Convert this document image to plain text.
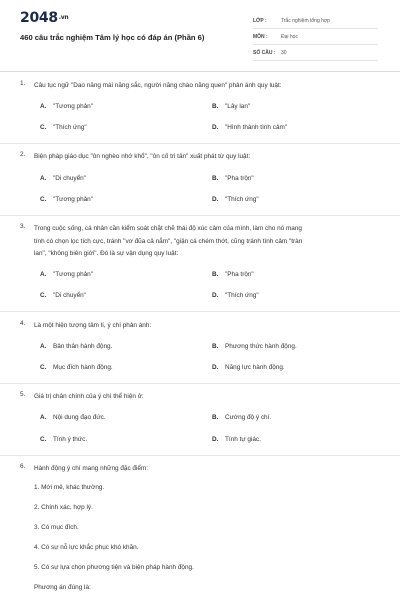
$2048^{.vn}$
460 câu trắc nghiệm Tâm lý học có đáp án (Phần 6)
LỚP :	Trắc nghiệm tổng hợp
MÔN :	Đại học
SỐ CÂU :	30
1. Câu tục ngữ "Dao năng mài năng sắc, người năng chào năng quen" phản ánh quy luật:
A. "Tương phản"	B. "Lây lan"
C. "Thích ứng"	D. "Hình thành tình cảm"
2. Biện pháp giáo dục "ôn nghèo nhớ khổ", "ôn cố tri tân" xuất phát từ quy luật:
A. "Di chuyển"	B. "Pha trộn"
C. "Tương phản"	D. "Thích ứng"
3. Trong cuộc sống, cá nhân cần kiểm soát chặt chẽ thái độ xúc cảm của mình, làm cho nó mang
tính có chọn lọc tích cực, tránh "vơ đũa cả nắm", "giận cá chém thớt, cũng tránh tình cảm "tràn
lan", "không biên giới". Đó là sự vận dụng quy luật:
A. "Tương phản"	B. "Pha trộn"
C. "Di chuyển"	D. "Thích ứng"
4. Là một hiện tượng tâm lí, ý chí phản ánh:
A. Bản thân hành động.	B. Phương thức hành động.
C. Mục đích hành động.	D. Năng lực hành động.
5. Giá trị chân chính của ý chí thể hiện ở:
A. Nội dung đạo đức.	B. Cường độ ý chí.
C. Tính ý thức.	D. Tính tự giác.
6. Hành động ý chí mang những đặc điểm:
1. Mới mẻ, khác thường.
2. Chính xác, hợp lý.
3. Có mục đích.
4. Có sự nỗ lực khắc phục khó khăn.
5. Có sự lựa chọn phương tiện và biện pháp hành động.
Phương án đúng là:
